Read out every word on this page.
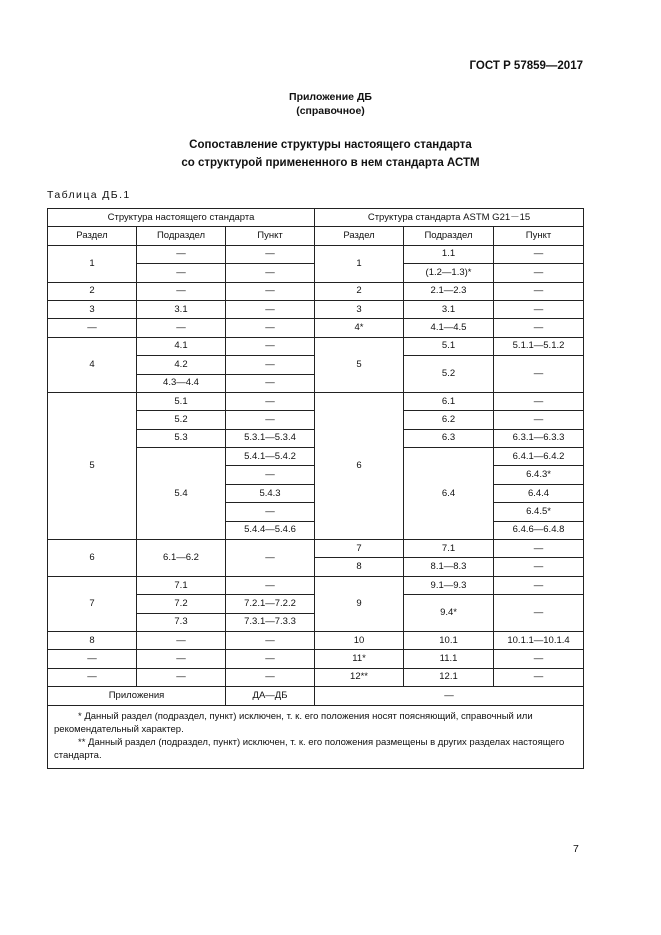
ГОСТ Р 57859—2017
Приложение ДБ
(справочное)
Сопоставление структуры настоящего стандарта
со структурой примененного в нем стандарта АСТМ
Таблица ДБ.1
Структура настоящего стандарта			Структура стандарта ASTM G21－15		
Раздел	Подраздел	Пункт	Раздел	Подраздел	Пункт
1	—	—	1	1.1	—
	—	—		(1.2—1.3)*	—
2	—	—	2	2.1—2.3	—
3	3.1	—	3	3.1	—
—	—	—	4*	4.1—4.5	—
4	4.1	—	5	5.1	5.1.1—5.1.2
	4.2	—		5.2	—
	4.3—4.4	—			
5	5.1	—	6	6.1	—
	5.2	—		6.2	—
	5.3	5.3.1—5.3.4		6.3	6.3.1—6.3.3
	5.4	5.4.1—5.4.2		6.4	6.4.1—6.4.2
		—			6.4.3*
		5.4.3			6.4.4
		—			6.4.5*
		5.4.4—5.4.6			6.4.6—6.4.8
6	6.1—6.2	—	7	7.1	—
			8	8.1—8.3	—
7	7.1	—	9	9.1—9.3	—
	7.2	7.2.1—7.2.2		9.4*	—
	7.3	7.3.1—7.3.3			
8	—	—	10	10.1	10.1.1—10.1.4
—	—	—	11*	11.1	—
—	—	—	12**	12.1	—
Приложения		ДА—ДБ	—		

* Данный раздел (подраздел, пункт) исключен, т. к. его положения носят поясняющий, справочный или рекомендательный характер.

** Данный раздел (подраздел, пункт) исключен, т. к. его положения размещены в других разделах настоящего стандарта.					

7
